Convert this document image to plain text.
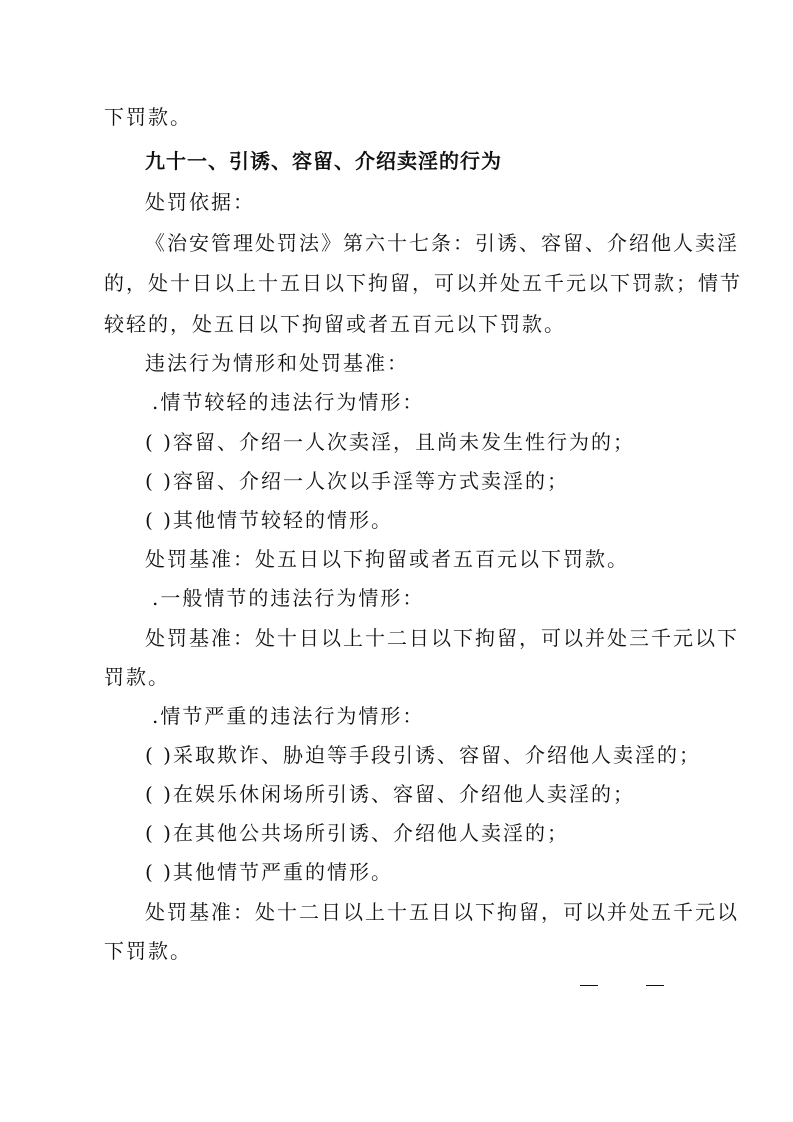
下罚款。
九十一、引诱、容留、介绍卖淫的行为
处罚依据：
《治安管理处罚法》第六十七条：引诱、容留、介绍他人卖淫
的，处十日以上十五日以下拘留，可以并处五千元以下罚款；情节
较轻的，处五日以下拘留或者五百元以下罚款。
违法行为情形和处罚基准：
.情节较轻的违法行为情形：
( )容留、介绍一人次卖淫，且尚未发生性行为的；
( )容留、介绍一人次以手淫等方式卖淫的；
( )其他情节较轻的情形。
处罚基准：处五日以下拘留或者五百元以下罚款。
.一般情节的违法行为情形：
处罚基准：处十日以上十二日以下拘留，可以并处三千元以下
罚款。
.情节严重的违法行为情形：
( )采取欺诈、胁迫等手段引诱、容留、介绍他人卖淫的；
( )在娱乐休闲场所引诱、容留、介绍他人卖淫的；
( )在其他公共场所引诱、介绍他人卖淫的；
( )其他情节严重的情形。
处罚基准：处十二日以上十五日以下拘留，可以并处五千元以
下罚款。
